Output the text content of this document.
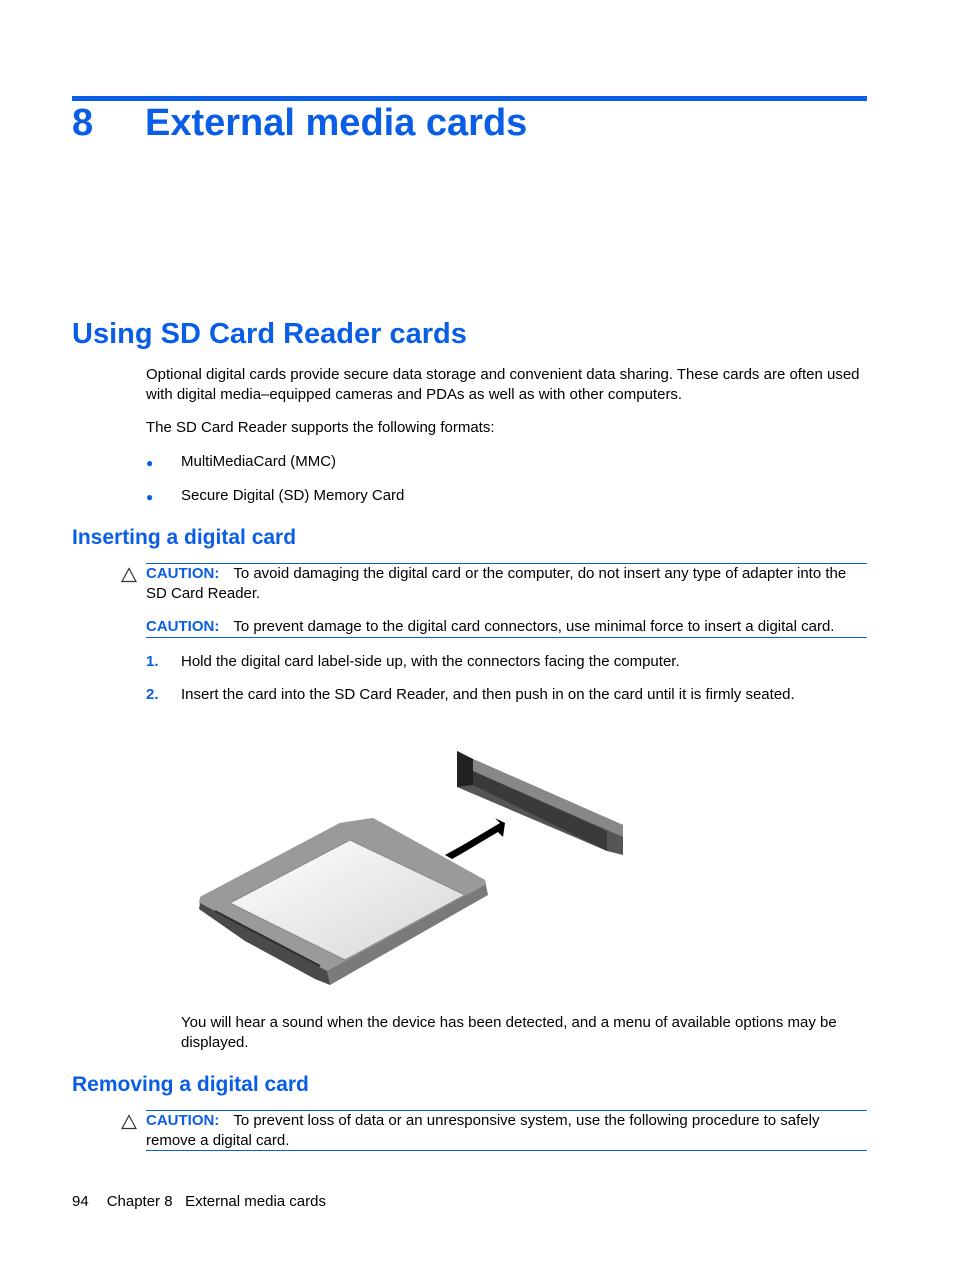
8 External media cards
Using SD Card Reader cards
Optional digital cards provide secure data storage and convenient data sharing. These cards are often used with digital media–equipped cameras and PDAs as well as with other computers.
The SD Card Reader supports the following formats:
● MultiMediaCard (MMC)
● Secure Digital (SD) Memory Card
Inserting a digital card
CAUTION: To avoid damaging the digital card or the computer, do not insert any type of adapter into the SD Card Reader.
CAUTION: To prevent damage to the digital card connectors, use minimal force to insert a digital card.
1. Hold the digital card label-side up, with the connectors facing the computer.
2. Insert the card into the SD Card Reader, and then push in on the card until it is firmly seated.
You will hear a sound when the device has been detected, and a menu of available options may be displayed.
Removing a digital card
CAUTION: To prevent loss of data or an unresponsive system, use the following procedure to safely remove a digital card.
94 Chapter 8 External media cards
